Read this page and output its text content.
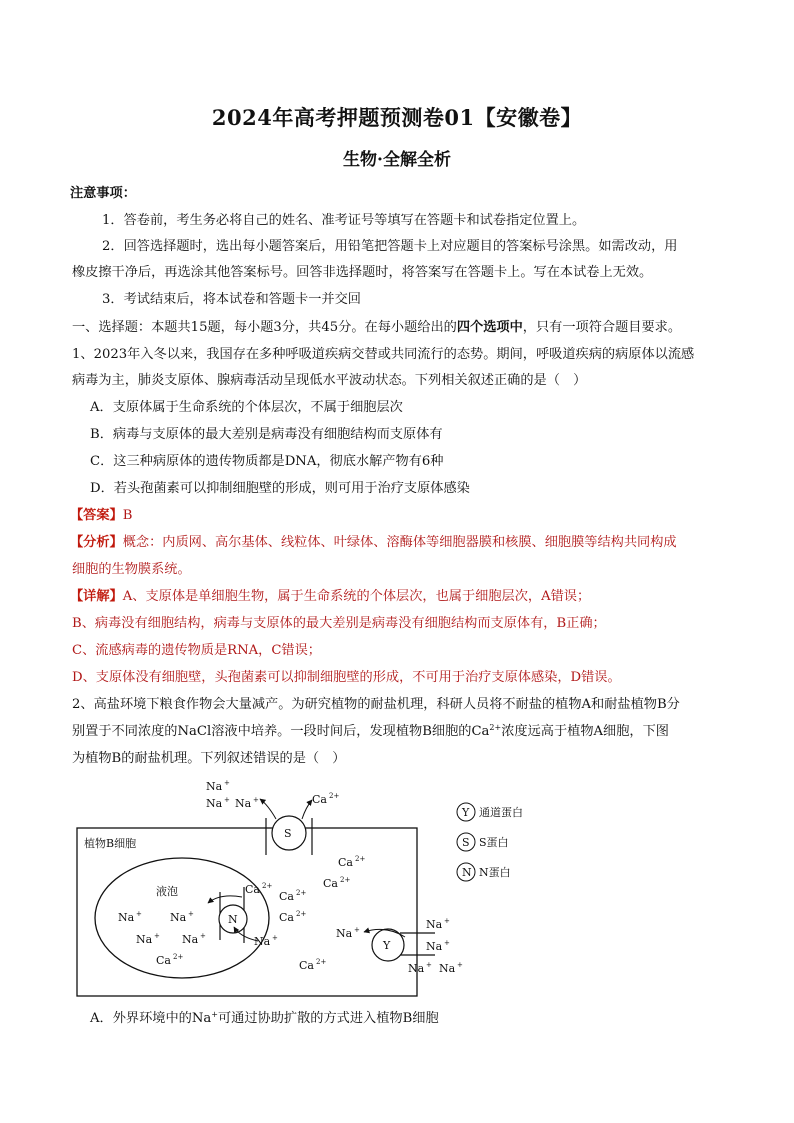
2024年高考押题预测卷01【安徽卷】
生物·全解全析
注意事项：
1．答卷前，考生务必将自己的姓名、准考证号等填写在答题卡和试卷指定位置上。
2．回答选择题时，选出每小题答案后，用铅笔把答题卡上对应题目的答案标号涂黑。如需改动，用
橡皮擦干净后，再选涂其他答案标号。回答非选择题时，将答案写在答题卡上。写在本试卷上无效。
3．考试结束后，将本试卷和答题卡一并交回
一、选择题：本题共15题，每小题3分，共45分。在每小题给出的四个选项中，只有一项符合题目要求。
1、2023年入冬以来，我国存在多种呼吸道疾病交替或共同流行的态势。期间，呼吸道疾病的病原体以流感
病毒为主，肺炎支原体、腺病毒活动呈现低水平波动状态。下列相关叙述正确的是（　）
A．支原体属于生命系统的个体层次，不属于细胞层次
B．病毒与支原体的最大差别是病毒没有细胞结构而支原体有
C．这三种病原体的遗传物质都是DNA，彻底水解产物有6种
D．若头孢菌素可以抑制细胞壁的形成，则可用于治疗支原体感染
【答案】B
【分析】概念：内质网、高尔基体、线粒体、叶绿体、溶酶体等细胞器膜和核膜、细胞膜等结构共同构成
细胞的生物膜系统。
【详解】A、支原体是单细胞生物，属于生命系统的个体层次，也属于细胞层次，A错误；
B、病毒没有细胞结构，病毒与支原体的最大差别是病毒没有细胞结构而支原体有，B正确；
C、流感病毒的遗传物质是RNA，C错误；
D、支原体没有细胞壁，头孢菌素可以抑制细胞壁的形成，不可用于治疗支原体感染，D错误。
2、高盐环境下粮食作物会大量减产。为研究植物的耐盐机理，科研人员将不耐盐的植物A和耐盐植物B分
别置于不同浓度的NaCl溶液中培养。一段时间后，发现植物B细胞的$Ca^{2+}$浓度远高于植物A细胞，下图
为植物B的耐盐机理。下列叙述错误的是（　）
植物B细胞
液泡
S
N
Y
Na +
Na + Na +	Ca 2+
Ca 2+
Ca 2+
Ca 2+
Ca 2+
Ca 2+
Na +	Na +
Ca 2+
Na +	Na +
Na + Na +
Ca 2+
Na +
Na +
Na + Na +
Y 通道蛋白
S S蛋白
N N蛋白
A．外界环境中的Na+可通过协助扩散的方式进入植物B细胞
